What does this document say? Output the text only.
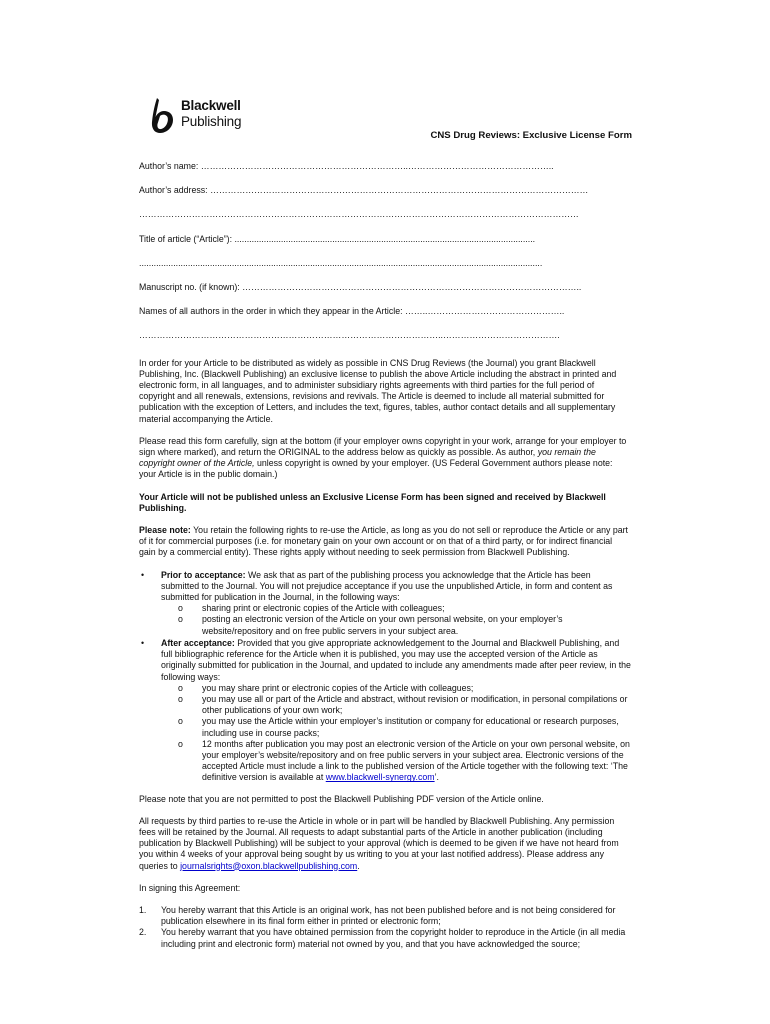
Blackwell
Publishing
CNS Drug Reviews: Exclusive License Form
Author’s name: ……………………………………………………………..…………………………………………..
Author’s address: …………………………………………………………………………………………………………………
……………………………………………………………………………………………………………………………………
Title of article (“Article”): ...........................................................................................................................
.....................................................................................................................................................................
Manuscript no. (if known): ……………………………………………………………………………………………………..
Names of all authors in the order in which they appear in the Article: ……..………………………………………..
…………………………………………………………………………………………..………………………………….

In order for your Article to be distributed as widely as possible in CNS Drug Reviews (the Journal) you grant Blackwell Publishing, Inc. (Blackwell Publishing) an exclusive license to publish the above Article including the abstract in printed and electronic form, in all languages, and to administer subsidiary rights agreements with third parties for the full period of copyright and all renewals, extensions, revisions and revivals. The Article is deemed to include all material submitted for publication with the exception of Letters, and includes the text, figures, tables, author contact details and all supplementary material accompanying the Article.

Please read this form carefully, sign at the bottom (if your employer owns copyright in your work, arrange for your employer to sign where marked), and return the ORIGINAL to the address below as quickly as possible. As author, you remain the copyright owner of the Article, unless copyright is owned by your employer. (US Federal Government authors please note: your Article is in the public domain.)

Your Article will not be published unless an Exclusive License Form has been signed and received by Blackwell Publishing.

Please note: You retain the following rights to re-use the Article, as long as you do not sell or reproduce the Article or any part of it for commercial purposes (i.e. for monetary gain on your own account or on that of a third party, or for indirect financial gain by a commercial entity). These rights apply without needing to seek permission from Blackwell Publishing.

• Prior to acceptance: We ask that as part of the publishing process you acknowledge that the Article has been submitted to the Journal. You will not prejudice acceptance if you use the unpublished Article, in form and content as submitted for publication in the Journal, in the following ways:
o sharing print or electronic copies of the Article with colleagues;
o posting an electronic version of the Article on your own personal website, on your employer’s website/repository and on free public servers in your subject area.
• After acceptance: Provided that you give appropriate acknowledgement to the Journal and Blackwell Publishing, and full bibliographic reference for the Article when it is published, you may use the accepted version of the Article as originally submitted for publication in the Journal, and updated to include any amendments made after peer review, in the following ways:
o you may share print or electronic copies of the Article with colleagues;
o you may use all or part of the Article and abstract, without revision or modification, in personal compilations or other publications of your own work;
o you may use the Article within your employer’s institution or company for educational or research purposes, including use in course packs;
o 12 months after publication you may post an electronic version of the Article on your own personal website, on your employer’s website/repository and on free public servers in your subject area. Electronic versions of the accepted Article must include a link to the published version of the Article together with the following text: ‘The definitive version is available at www.blackwell-synergy.com’.

Please note that you are not permitted to post the Blackwell Publishing PDF version of the Article online.

All requests by third parties to re-use the Article in whole or in part will be handled by Blackwell Publishing. Any permission fees will be retained by the Journal. All requests to adapt substantial parts of the Article in another publication (including publication by Blackwell Publishing) will be subject to your approval (which is deemed to be given if we have not heard from you within 4 weeks of your approval being sought by us writing to you at your last notified address). Please address any queries to journalsrights@oxon.blackwellpublishing.com.

In signing this Agreement:

1. You hereby warrant that this Article is an original work, has not been published before and is not being considered for publication elsewhere in its final form either in printed or electronic form;
2. You hereby warrant that you have obtained permission from the copyright holder to reproduce in the Article (in all media including print and electronic form) material not owned by you, and that you have acknowledged the source;
